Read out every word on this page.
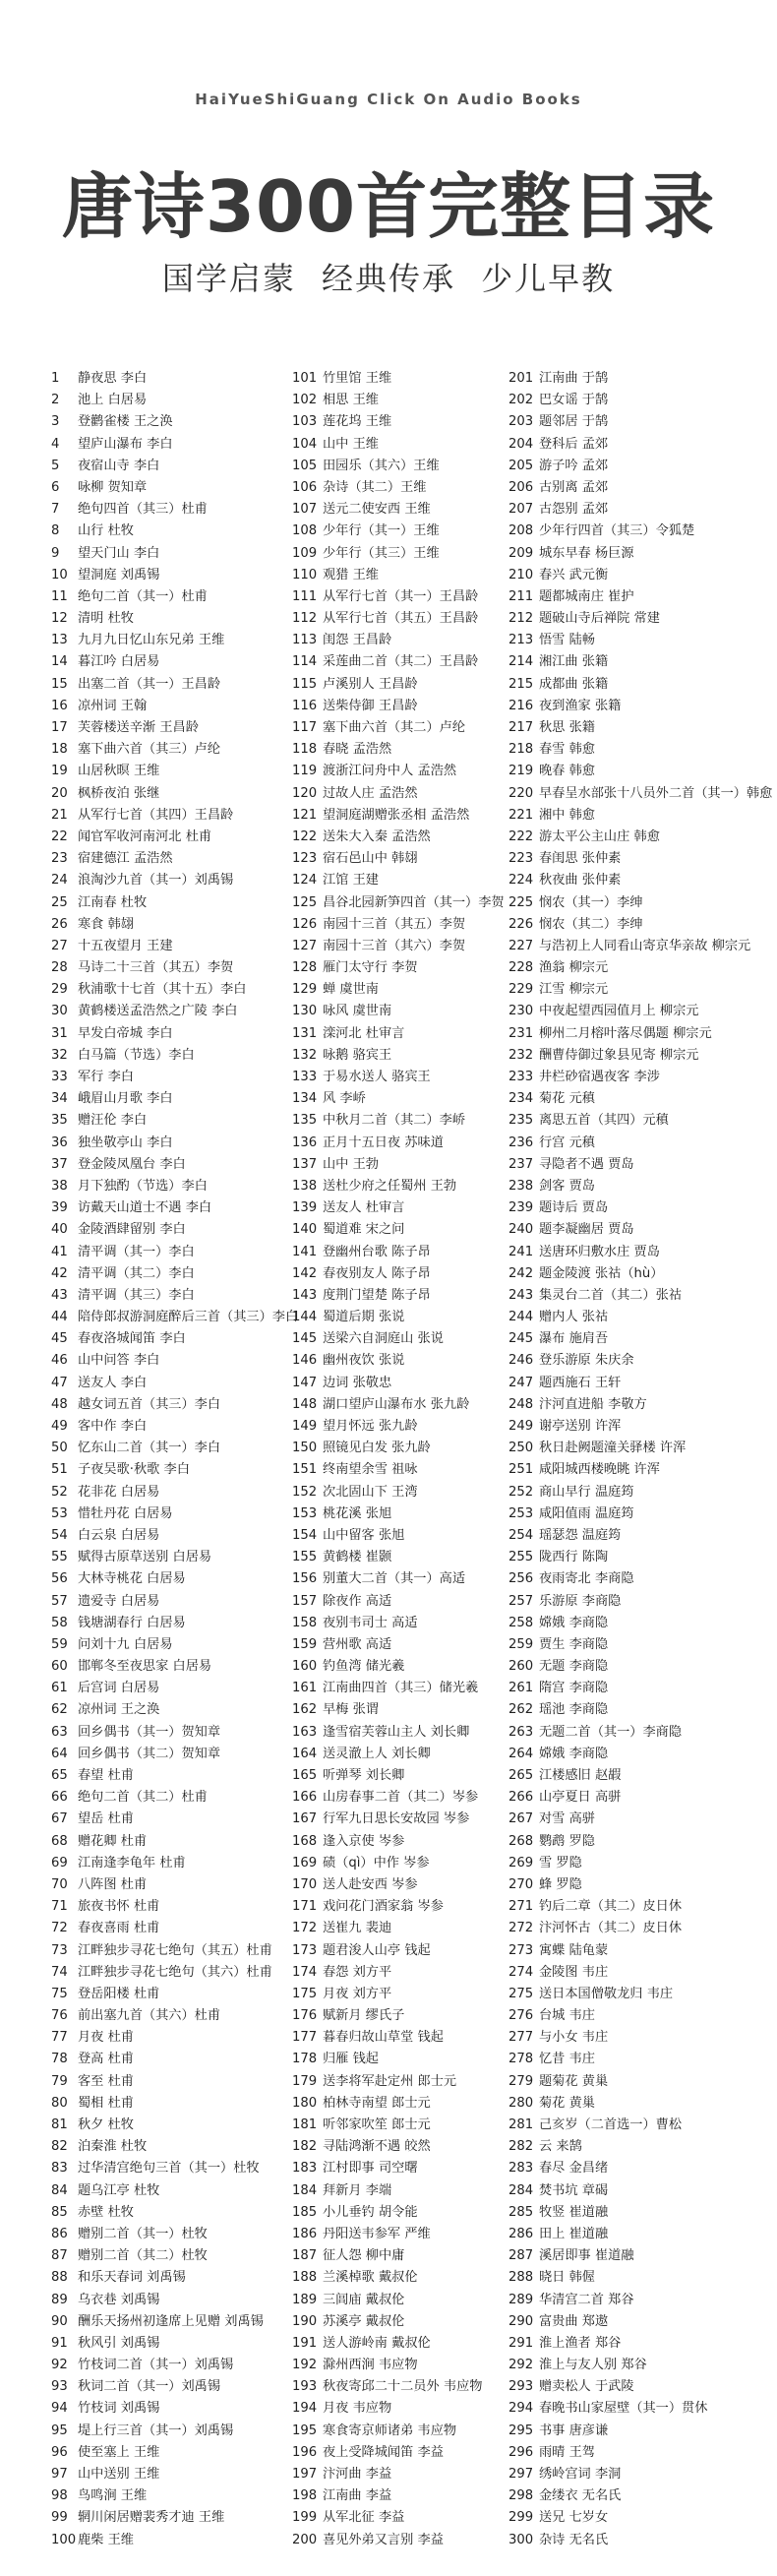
HaiYueShiGuang Click On Audio Books
唐诗300首完整目录
国学启蒙 经典传承 少儿早教
1 静夜思 李白
2 池上 白居易
3 登鹳雀楼 王之涣
4 望庐山瀑布 李白
5 夜宿山寺 李白
6 咏柳 贺知章
7 绝句四首（其三）杜甫
8 山行 杜牧
9 望天门山 李白
10 望洞庭 刘禹锡
11 绝句二首（其一）杜甫
12 清明 杜牧
13 九月九日忆山东兄弟 王维
14 暮江吟 白居易
15 出塞二首（其一）王昌龄
16 凉州词 王翰
17 芙蓉楼送辛渐 王昌龄
18 塞下曲六首（其三）卢纶
19 山居秋暝 王维
20 枫桥夜泊 张继
21 从军行七首（其四）王昌龄
22 闻官军收河南河北 杜甫
23 宿建德江 孟浩然
24 浪淘沙九首（其一）刘禹锡
25 江南春 杜牧
26 寒食 韩翃
27 十五夜望月 王建
28 马诗二十三首（其五）李贺
29 秋浦歌十七首（其十五）李白
30 黄鹤楼送孟浩然之广陵 李白
31 早发白帝城 李白
32 白马篇（节选）李白
33 军行 李白
34 峨眉山月歌 李白
35 赠汪伦 李白
36 独坐敬亭山 李白
37 登金陵凤凰台 李白
38 月下独酌（节选）李白
39 访戴天山道士不遇 李白
40 金陵酒肆留别 李白
41 清平调（其一）李白
42 清平调（其二）李白
43 清平调（其三）李白
44 陪侍郎叔游洞庭醉后三首（其三）李白
45 春夜洛城闻笛 李白
46 山中问答 李白
47 送友人 李白
48 越女词五首（其三）李白
49 客中作 李白
50 忆东山二首（其一）李白
51 子夜吴歌·秋歌 李白
52 花非花 白居易
53 惜牡丹花 白居易
54 白云泉 白居易
55 赋得古原草送别 白居易
56 大林寺桃花 白居易
57 遗爱寺 白居易
58 钱塘湖春行 白居易
59 问刘十九 白居易
60 邯郸冬至夜思家 白居易
61 后宫词 白居易
62 凉州词 王之涣
63 回乡偶书（其一）贺知章
64 回乡偶书（其二）贺知章
65 春望 杜甫
66 绝句二首（其二）杜甫
67 望岳 杜甫
68 赠花卿 杜甫
69 江南逢李龟年 杜甫
70 八阵图 杜甫
71 旅夜书怀 杜甫
72 春夜喜雨 杜甫
73 江畔独步寻花七绝句（其五）杜甫
74 江畔独步寻花七绝句（其六）杜甫
75 登岳阳楼 杜甫
76 前出塞九首（其六）杜甫
77 月夜 杜甫
78 登高 杜甫
79 客至 杜甫
80 蜀相 杜甫
81 秋夕 杜牧
82 泊秦淮 杜牧
83 过华清宫绝句三首（其一）杜牧
84 题乌江亭 杜牧
85 赤壁 杜牧
86 赠别二首（其一）杜牧
87 赠别二首（其二）杜牧
88 和乐天春词 刘禹锡
89 乌衣巷 刘禹锡
90 酬乐天扬州初逢席上见赠 刘禹锡
91 秋风引 刘禹锡
92 竹枝词二首（其一）刘禹锡
93 秋词二首（其一）刘禹锡
94 竹枝词 刘禹锡
95 堤上行三首（其一）刘禹锡
96 使至塞上 王维
97 山中送别 王维
98 鸟鸣涧 王维
99 辋川闲居赠裴秀才迪 王维
100 鹿柴 王维
101 竹里馆 王维
102 相思 王维
103 莲花坞 王维
104 山中 王维
105 田园乐（其六）王维
106 杂诗（其二）王维
107 送元二使安西 王维
108 少年行（其一）王维
109 少年行（其三）王维
110 观猎 王维
111 从军行七首（其一）王昌龄
112 从军行七首（其五）王昌龄
113 闺怨 王昌龄
114 采莲曲二首（其二）王昌龄
115 卢溪别人 王昌龄
116 送柴侍御 王昌龄
117 塞下曲六首（其二）卢纶
118 春晓 孟浩然
119 渡浙江问舟中人 孟浩然
120 过故人庄 孟浩然
121 望洞庭湖赠张丞相 孟浩然
122 送朱大入秦 孟浩然
123 宿石邑山中 韩翃
124 江馆 王建
125 昌谷北园新笋四首（其一）李贺
126 南园十三首（其五）李贺
127 南园十三首（其六）李贺
128 雁门太守行 李贺
129 蝉 虞世南
130 咏风 虞世南
131 滦河北 杜审言
132 咏鹅 骆宾王
133 于易水送人 骆宾王
134 风 李峤
135 中秋月二首（其二）李峤
136 正月十五日夜 苏味道
137 山中 王勃
138 送杜少府之任蜀州 王勃
139 送友人 杜审言
140 蜀道难 宋之问
141 登幽州台歌 陈子昂
142 春夜别友人 陈子昂
143 度荆门望楚 陈子昂
144 蜀道后期 张说
145 送梁六自洞庭山 张说
146 幽州夜饮 张说
147 边词 张敬忠
148 湖口望庐山瀑布水 张九龄
149 望月怀远 张九龄
150 照镜见白发 张九龄
151 终南望余雪 祖咏
152 次北固山下 王湾
153 桃花溪 张旭
154 山中留客 张旭
155 黄鹤楼 崔颢
156 别董大二首（其一）高适
157 除夜作 高适
158 夜别韦司士 高适
159 营州歌 高适
160 钓鱼湾 储光羲
161 江南曲四首（其三）储光羲
162 早梅 张谓
163 逢雪宿芙蓉山主人 刘长卿
164 送灵澈上人 刘长卿
165 听弹琴 刘长卿
166 山房春事二首（其二）岑参
167 行军九日思长安故园 岑参
168 逢入京使 岑参
169 碛（qì）中作 岑参
170 送人赴安西 岑参
171 戏问花门酒家翁 岑参
172 送崔九 裴迪
173 题君浚人山亭 钱起
174 春怨 刘方平
175 月夜 刘方平
176 赋新月 缪氏子
177 暮春归故山草堂 钱起
178 归雁 钱起
179 送李将军赴定州 郎士元
180 柏林寺南望 郎士元
181 听邻家吹笙 郎士元
182 寻陆鸿渐不遇 皎然
183 江村即事 司空曙
184 拜新月 李端
185 小儿垂钓 胡令能
186 丹阳送韦参军 严维
187 征人怨 柳中庸
188 兰溪棹歌 戴叔伦
189 三闾庙 戴叔伦
190 苏溪亭 戴叔伦
191 送人游岭南 戴叔伦
192 滁州西涧 韦应物
193 秋夜寄邱二十二员外 韦应物
194 月夜 韦应物
195 寒食寄京师诸弟 韦应物
196 夜上受降城闻笛 李益
197 汴河曲 李益
198 江南曲 李益
199 从军北征 李益
200 喜见外弟又言别 李益
201 江南曲 于鹄
202 巴女谣 于鹄
203 题邻居 于鹄
204 登科后 孟郊
205 游子吟 孟郊
206 古别离 孟郊
207 古怨别 孟郊
208 少年行四首（其三）令狐楚
209 城东早春 杨巨源
210 春兴 武元衡
211 题都城南庄 崔护
212 题破山寺后禅院 常建
213 悟雪 陆畅
214 湘江曲 张籍
215 成都曲 张籍
216 夜到渔家 张籍
217 秋思 张籍
218 春雪 韩愈
219 晚春 韩愈
220 早春呈水部张十八员外二首（其一）韩愈
221 湘中 韩愈
222 游太平公主山庄 韩愈
223 春闺思 张仲素
224 秋夜曲 张仲素
225 悯农（其一）李绅
226 悯农（其二）李绅
227 与浩初上人同看山寄京华亲故 柳宗元
228 渔翁 柳宗元
229 江雪 柳宗元
230 中夜起望西园值月上 柳宗元
231 柳州二月榕叶落尽偶题 柳宗元
232 酬曹侍御过象县见寄 柳宗元
233 井栏砂宿遇夜客 李涉
234 菊花 元稹
235 离思五首（其四）元稹
236 行宫 元稹
237 寻隐者不遇 贾岛
238 剑客 贾岛
239 题诗后 贾岛
240 题李凝幽居 贾岛
241 送唐环归敷水庄 贾岛
242 题金陵渡 张祜（hù）
243 集灵台二首（其二）张祜
244 赠内人 张祜
245 瀑布 施肩吾
246 登乐游原 朱庆余
247 题西施石 王轩
248 汴河直进船 李敬方
249 谢亭送别 许浑
250 秋日赴阙题潼关驿楼 许浑
251 咸阳城西楼晚眺 许浑
252 商山早行 温庭筠
253 咸阳值雨 温庭筠
254 瑶瑟怨 温庭筠
255 陇西行 陈陶
256 夜雨寄北 李商隐
257 乐游原 李商隐
258 嫦娥 李商隐
259 贾生 李商隐
260 无题 李商隐
261 隋宫 李商隐
262 瑶池 李商隐
263 无题二首（其一）李商隐
264 嫦娥 李商隐
265 江楼感旧 赵嘏
266 山亭夏日 高骈
267 对雪 高骈
268 鹦鹉 罗隐
269 雪 罗隐
270 蜂 罗隐
271 钓后二章（其二）皮日休
272 汴河怀古（其二）皮日休
273 寓蝶 陆龟蒙
274 金陵图 韦庄
275 送日本国僧敬龙归 韦庄
276 台城 韦庄
277 与小女 韦庄
278 忆昔 韦庄
279 题菊花 黄巢
280 菊花 黄巢
281 己亥岁（二首选一）曹松
282 云 来鹄
283 春尽 金昌绪
284 焚书坑 章碣
285 牧竖 崔道融
286 田上 崔道融
287 溪居即事 崔道融
288 晓日 韩偓
289 华清宫二首 郑谷
290 富贵曲 郑遨
291 淮上渔者 郑谷
292 淮上与友人别 郑谷
293 赠卖松人 于武陵
294 春晚书山家屋壁（其一）贯休
295 书事 唐彦谦
296 雨晴 王驾
297 绣岭宫词 李洞
298 金缕衣 无名氏
299 送兄 七岁女
300 杂诗 无名氏
